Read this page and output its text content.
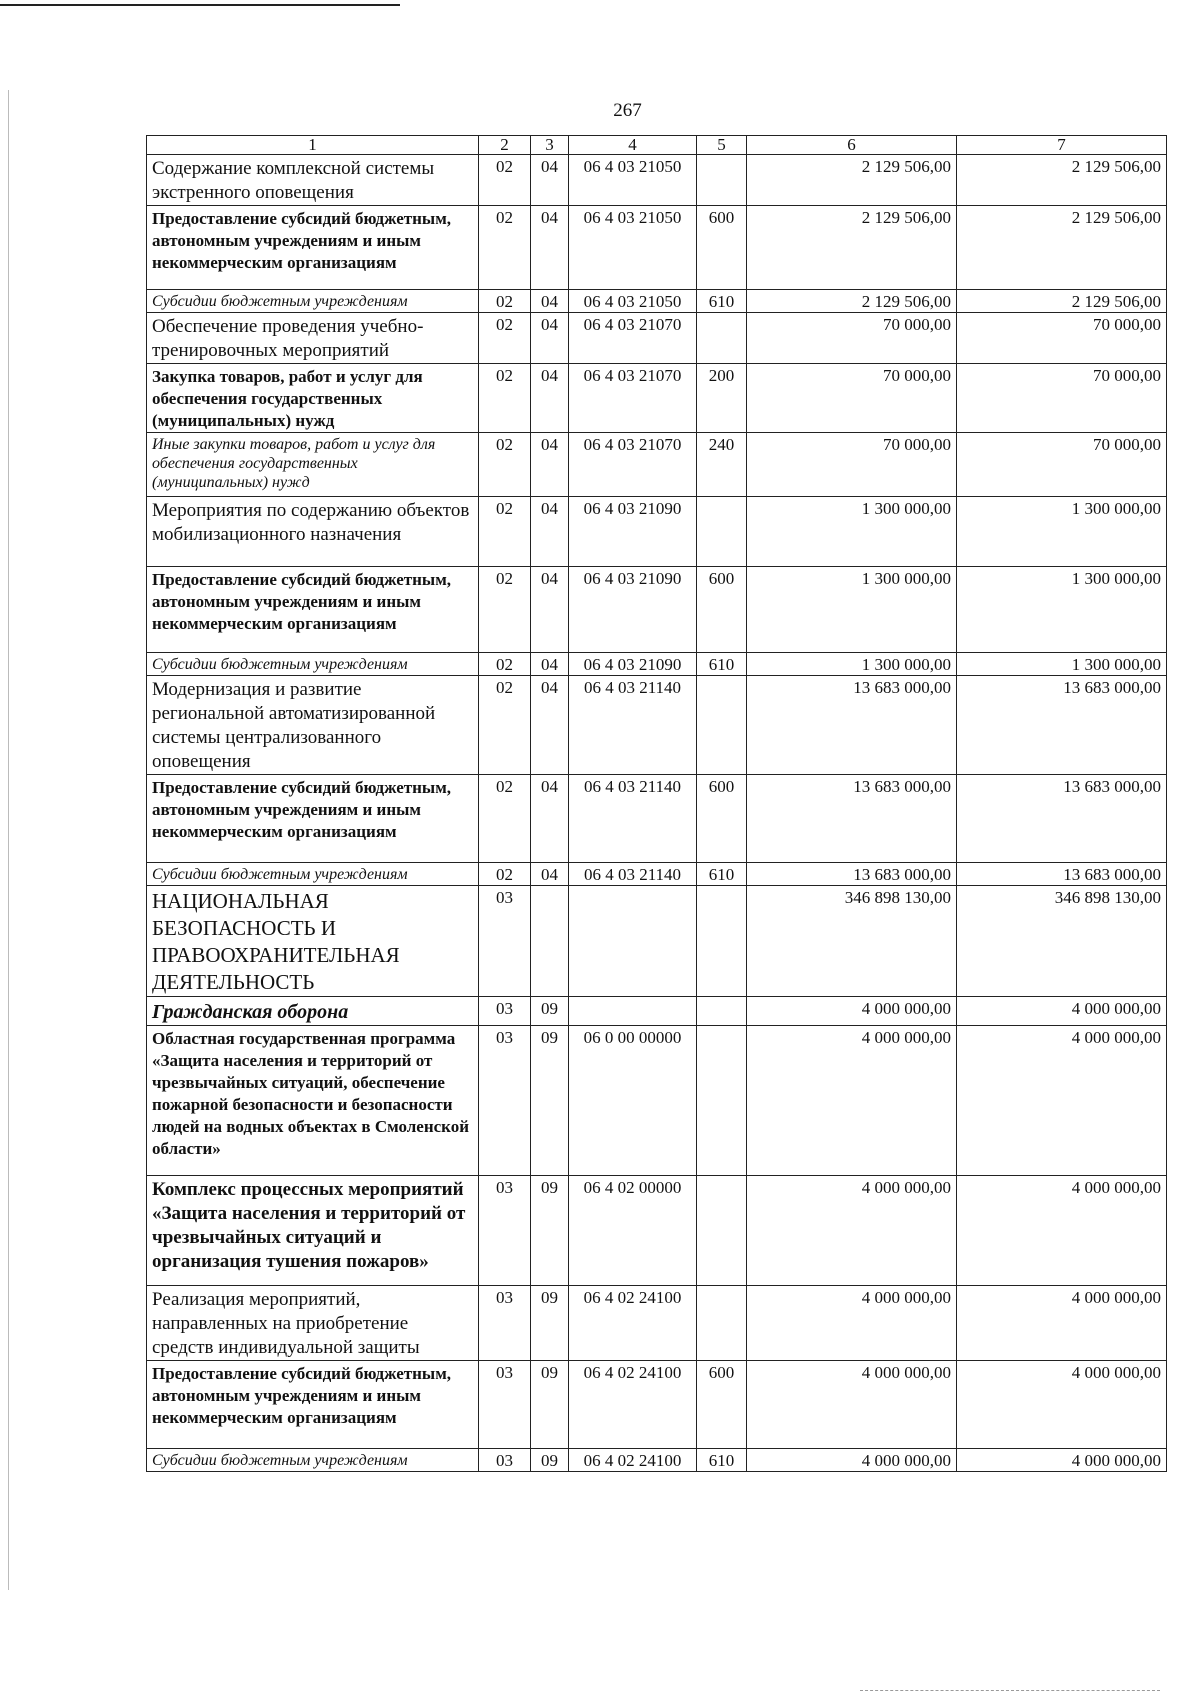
267
1	2	3	4	5	6	7
Содержание комплексной системы экстренного оповещения	02	04	06 4 03 21050		2 129 506,00	2 129 506,00
Предоставление субсидий бюджетным, автономным учреждениям и иным некоммерческим организациям	02	04	06 4 03 21050	600	2 129 506,00	2 129 506,00
Субсидии бюджетным учреждениям	02	04	06 4 03 21050	610	2 129 506,00	2 129 506,00
Обеспечение проведения учебно-тренировочных мероприятий	02	04	06 4 03 21070		70 000,00	70 000,00
Закупка товаров, работ и услуг для обеспечения государственных (муниципальных) нужд	02	04	06 4 03 21070	200	70 000,00	70 000,00
Иные закупки товаров, работ и услуг для обеспечения государственных (муниципальных) нужд	02	04	06 4 03 21070	240	70 000,00	70 000,00
Мероприятия по содержанию объектов мобилизационного назначения	02	04	06 4 03 21090		1 300 000,00	1 300 000,00
Предоставление субсидий бюджетным, автономным учреждениям и иным некоммерческим организациям	02	04	06 4 03 21090	600	1 300 000,00	1 300 000,00
Субсидии бюджетным учреждениям	02	04	06 4 03 21090	610	1 300 000,00	1 300 000,00
Модернизация и развитие региональной автоматизированной системы централизованного оповещения	02	04	06 4 03 21140		13 683 000,00	13 683 000,00
Предоставление субсидий бюджетным, автономным учреждениям и иным некоммерческим организациям	02	04	06 4 03 21140	600	13 683 000,00	13 683 000,00
Субсидии бюджетным учреждениям	02	04	06 4 03 21140	610	13 683 000,00	13 683 000,00
НАЦИОНАЛЬНАЯ БЕЗОПАСНОСТЬ И ПРАВООХРАНИТЕЛЬНАЯ ДЕЯТЕЛЬНОСТЬ	03				346 898 130,00	346 898 130,00
Гражданская оборона	03	09			4 000 000,00	4 000 000,00
Областная государственная программа «Защита населения и территорий от чрезвычайных ситуаций, обеспечение пожарной безопасности и безопасности людей на водных объектах в Смоленской области»	03	09	06 0 00 00000		4 000 000,00	4 000 000,00
Комплекс процессных мероприятий «Защита населения и территорий от чрезвычайных ситуаций и организация тушения пожаров»	03	09	06 4 02 00000		4 000 000,00	4 000 000,00
Реализация мероприятий, направленных на приобретение средств индивидуальной защиты	03	09	06 4 02 24100		4 000 000,00	4 000 000,00
Предоставление субсидий бюджетным, автономным учреждениям и иным некоммерческим организациям	03	09	06 4 02 24100	600	4 000 000,00	4 000 000,00
Субсидии бюджетным учреждениям	03	09	06 4 02 24100	610	4 000 000,00	4 000 000,00
